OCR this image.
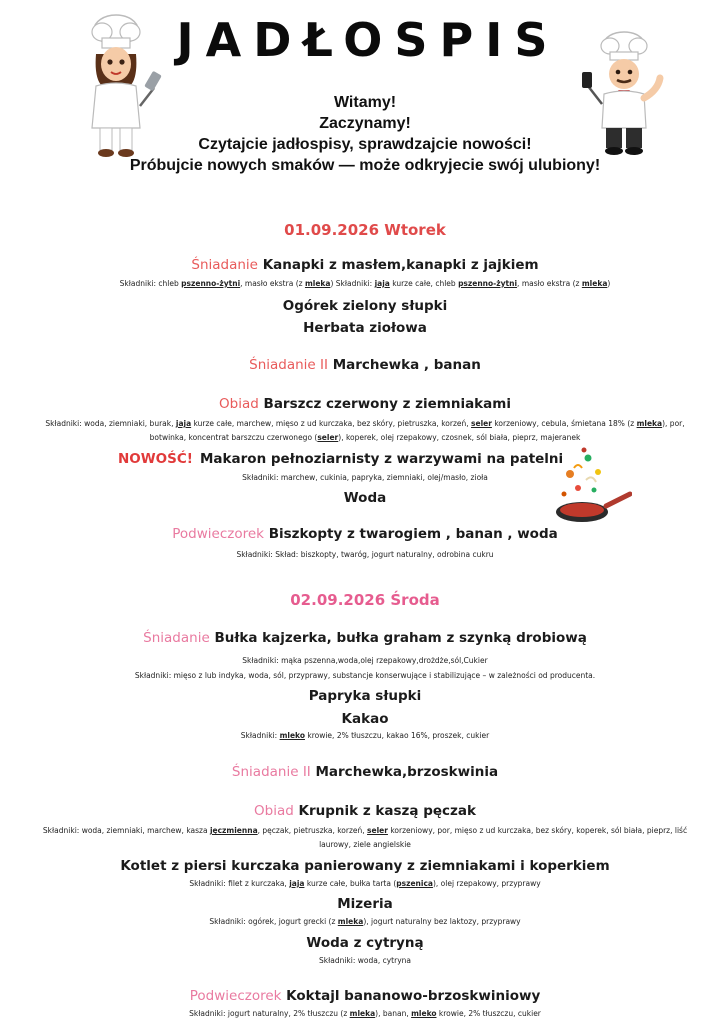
JADŁOSPIS
Witamy!
Zaczynamy!
Czytajcie jadłospisy, sprawdzajcie nowości!
Próbujcie nowych smaków — może odkryjecie swój ulubiony!
01.09.2026 Wtorek
Śniadanie Kanapki z masłem,kanapki z jajkiem
Składniki: chleb pszenno-żytni, masło ekstra (z mleka) Składniki: jaja kurze całe, chleb pszenno-żytni, masło ekstra (z mleka)
Ogórek zielony słupki
Herbata ziołowa
Śniadanie II Marchewka , banan
Obiad Barszcz czerwony z ziemniakami
Składniki: woda, ziemniaki, burak, jaja kurze całe, marchew, mięso z ud kurczaka, bez skóry, pietruszka, korzeń, seler korzeniowy, cebula, śmietana 18% (z mleka), por,
botwinka, koncentrat barszczu czerwonego (seler), koperek, olej rzepakowy, czosnek, sól biała, pieprz, majeranek
NOWOŚĆ! Makaron pełnoziarnisty z warzywami na patelni
Składniki: marchew, cukinia, papryka, ziemniaki, olej/masło, zioła
Woda
Podwieczorek Biszkopty z twarogiem , banan , woda
Składniki: Skład: biszkopty, twaróg, jogurt naturalny, odrobina cukru
02.09.2026 Środa
Śniadanie Bułka kajzerka, bułka graham z szynką drobiową
Składniki: mąka pszenna,woda,olej rzepakowy,drożdże,sól,Cukier
Składniki: mięso z lub indyka, woda, sól, przyprawy, substancje konserwujące i stabilizujące – w zależności od producenta.
Papryka słupki
Kakao
Składniki: mleko krowie, 2% tłuszczu, kakao 16%, proszek, cukier
Śniadanie II Marchewka,brzoskwinia
Obiad Krupnik z kaszą pęczak
Składniki: woda, ziemniaki, marchew, kasza jęczmienna, pęczak, pietruszka, korzeń, seler korzeniowy, por, mięso z ud kurczaka, bez skóry, koperek, sól biała, pieprz, liść
laurowy, ziele angielskie
Kotlet z piersi kurczaka panierowany z ziemniakami i koperkiem
Składniki: filet z kurczaka, jaja kurze całe, bułka tarta (pszenica), olej rzepakowy, przyprawy
Mizeria
Składniki: ogórek, jogurt grecki (z mleka), jogurt naturalny bez laktozy, przyprawy
Woda z cytryną
Składniki: woda, cytryna
Podwieczorek Koktajl bananowo-brzoskwiniowy
Składniki: jogurt naturalny, 2% tłuszczu (z mleka), banan, mleko krowie, 2% tłuszczu, cukier
